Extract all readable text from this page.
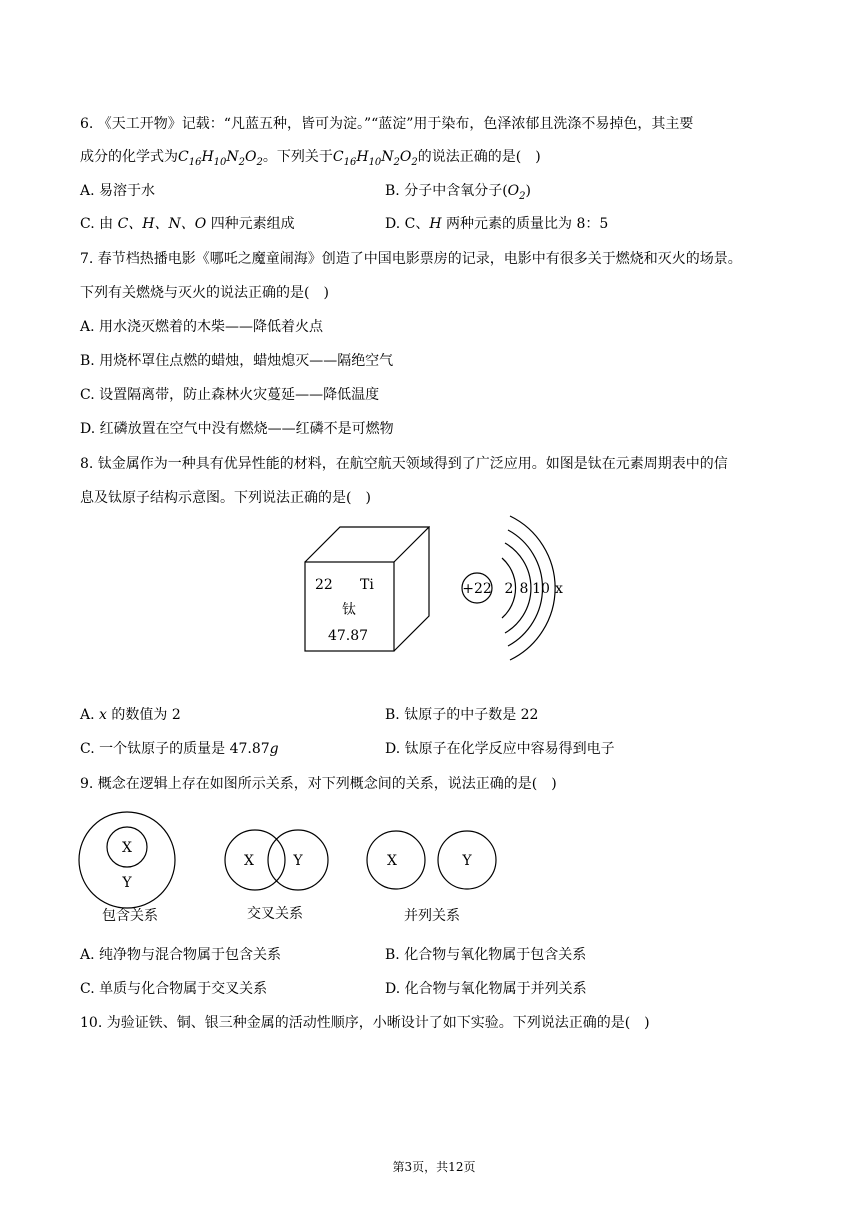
6. 《天工开物》记载：“凡蓝五种，皆可为淀。”“蓝淀”用于染布，色泽浓郁且洗涤不易掉色，其主要
成分的化学式为$C_{16}H_{10}N_2O_2$。下列关于$C_{16}H_{10}N_2O_2$的说法正确的是(　)
A. 易溶于水	B. 分子中含氧分子$(O_2)$
C. 由 C、H、N、O 四种元素组成	D. C、H 两种元素的质量比为 8：5
7. 春节档热播电影《哪吒之魔童闹海》创造了中国电影票房的记录，电影中有很多关于燃烧和灭火的场景。
下列有关燃烧与灭火的说法正确的是(　)
A. 用水浇灭燃着的木柴——降低着火点
B. 用烧杯罩住点燃的蜡烛，蜡烛熄灭——隔绝空气
C. 设置隔离带，防止森林火灾蔓延——降低温度
D. 红磷放置在空气中没有燃烧——红磷不是可燃物
8. 钛金属作为一种具有优异性能的材料，在航空航天领域得到了广泛应用。如图是钛在元素周期表中的信
息及钛原子结构示意图。下列说法正确的是(　)
22 Ti
钛
47.87
+22 2 8 10 x
A. x 的数值为 2	B. 钛原子的中子数是 22
C. 一个钛原子的质量是 47.87g	D. 钛原子在化学反应中容易得到电子
9. 概念在逻辑上存在如图所示关系，对下列概念间的关系，说法正确的是(　)
X
Y
X	Y	X	Y
包含关系	交叉关系	并列关系
A. 纯净物与混合物属于包含关系	B. 化合物与氧化物属于包含关系
C. 单质与化合物属于交叉关系	D. 化合物与氧化物属于并列关系
10. 为验证铁、铜、银三种金属的活动性顺序，小晰设计了如下实验。下列说法正确的是(　)
第3页，共12页
